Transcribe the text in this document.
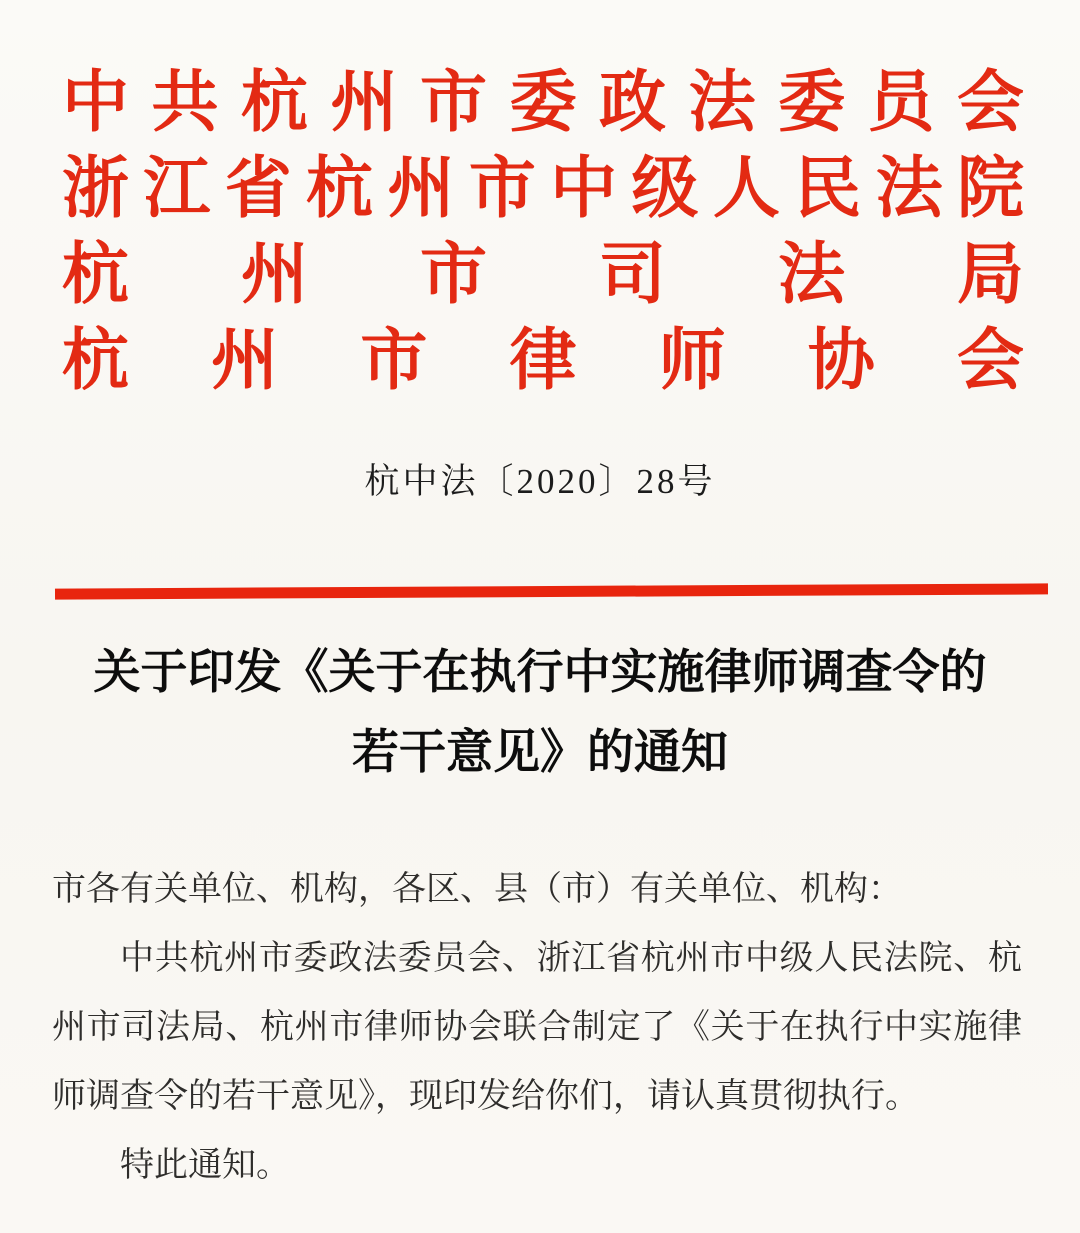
中共杭州市委政法委员会
浙江省杭州市中级人民法院
杭州市司法局
杭州市律师协会
杭中法〔2020〕28号
关于印发《关于在执行中实施律师调查令的
若干意见》的通知

市各有关单位、机构，各区、县（市）有关单位、机构：

中共杭州市委政法委员会、浙江省杭州市中级人民法院、杭州市司法局、杭州市律师协会联合制定了《关于在执行中实施律师调查令的若干意见》，现印发给你们，请认真贯彻执行。

特此通知。
